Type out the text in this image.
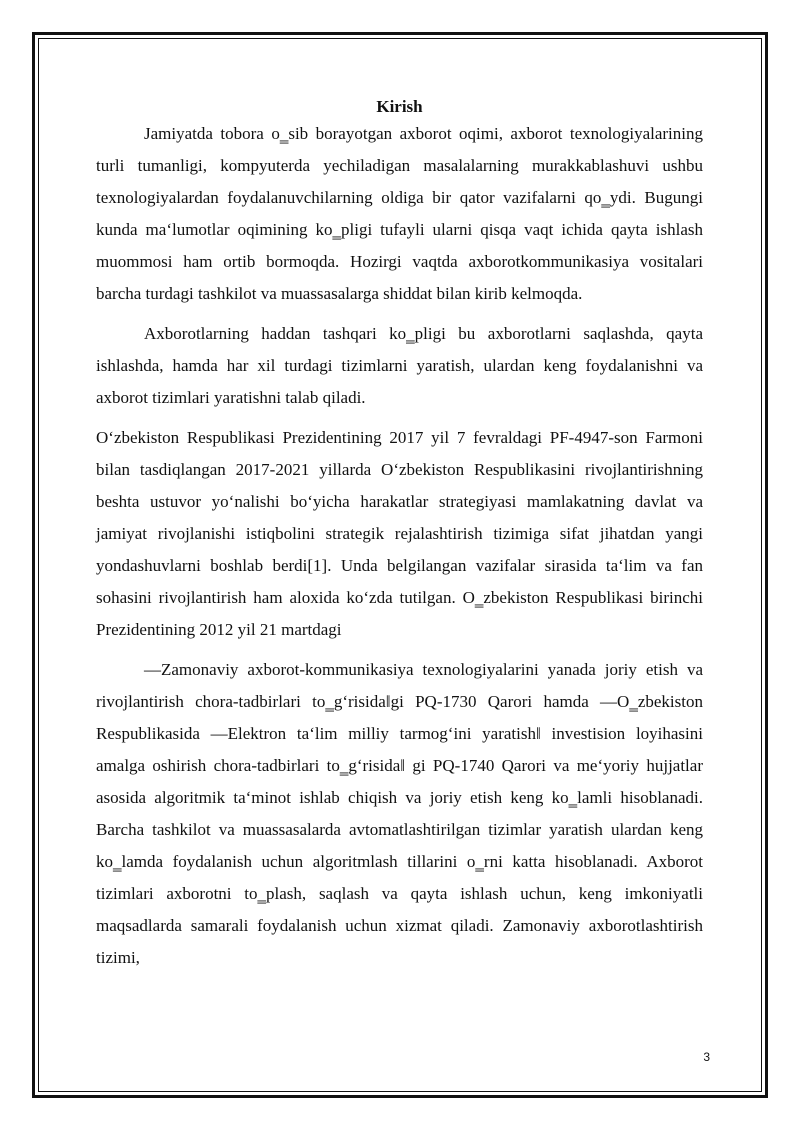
Kirish

Jamiyatda tobora o‗sib borayotgan axborot oqimi, axborot texnologiyalarining turli tumanligi, kompyuterda yechiladigan masalalarning murakkablashuvi ushbu texnologiyalardan foydalanuvchilarning oldiga bir qator vazifalarni qo‗ydi. Bugungi kunda ma‘lumotlar oqimining ko‗pligi tufayli ularni qisqa vaqt ichida qayta ishlash muommosi ham ortib bormoqda. Hozirgi vaqtda axborotkommunikasiya vositalari barcha turdagi tashkilot va muassasalarga shiddat bilan kirib kelmoqda.

Axborotlarning haddan tashqari ko‗pligi bu axborotlarni saqlashda, qayta ishlashda, hamda har xil turdagi tizimlarni yaratish, ulardan keng foydalanishni va axborot tizimlari yaratishni talab qiladi.

O‘zbekiston Respublikasi Prezidentining 2017 yil 7 fevraldagi PF-4947-son Farmoni bilan tasdiqlangan 2017-2021 yillarda O‘zbekiston Respublikasini rivojlantirishning beshta ustuvor yo‘nalishi bo‘yicha harakatlar strategiyasi mamlakatning davlat va jamiyat rivojlanishi istiqbolini strategik rejalashtirish tizimiga sifat jihatdan yangi yondashuvlarni boshlab berdi[1]. Unda belgilangan vazifalar sirasida ta‘lim va fan sohasini rivojlantirish ham aloxida ko‘zda tutilgan. O‗zbekiston Respublikasi birinchi Prezidentining 2012 yil 21 martdagi

―Zamonaviy axborot-kommunikasiya texnologiyalarini yanada joriy etish va rivojlantirish chora-tadbirlari to‗g‘risida‖gi PQ-1730 Qarori hamda ―O‗zbekiston Respublikasida ―Elektron ta‘lim milliy tarmog‘ini yaratish‖ investision loyihasini amalga oshirish chora-tadbirlari to‗g‘risida‖ gi PQ-1740 Qarori va me‘yoriy hujjatlar asosida algoritmik ta‘minot ishlab chiqish va joriy etish keng ko‗lamli hisoblanadi. Barcha tashkilot va muassasalarda avtomatlashtirilgan tizimlar yaratish ulardan keng ko‗lamda foydalanish uchun algoritmlash tillarini o‗rni katta hisoblanadi. Axborot tizimlari axborotni to‗plash, saqlash va qayta ishlash uchun, keng imkoniyatli maqsadlarda samarali foydalanish uchun xizmat qiladi. Zamonaviy axborotlashtirish tizimi,

3
